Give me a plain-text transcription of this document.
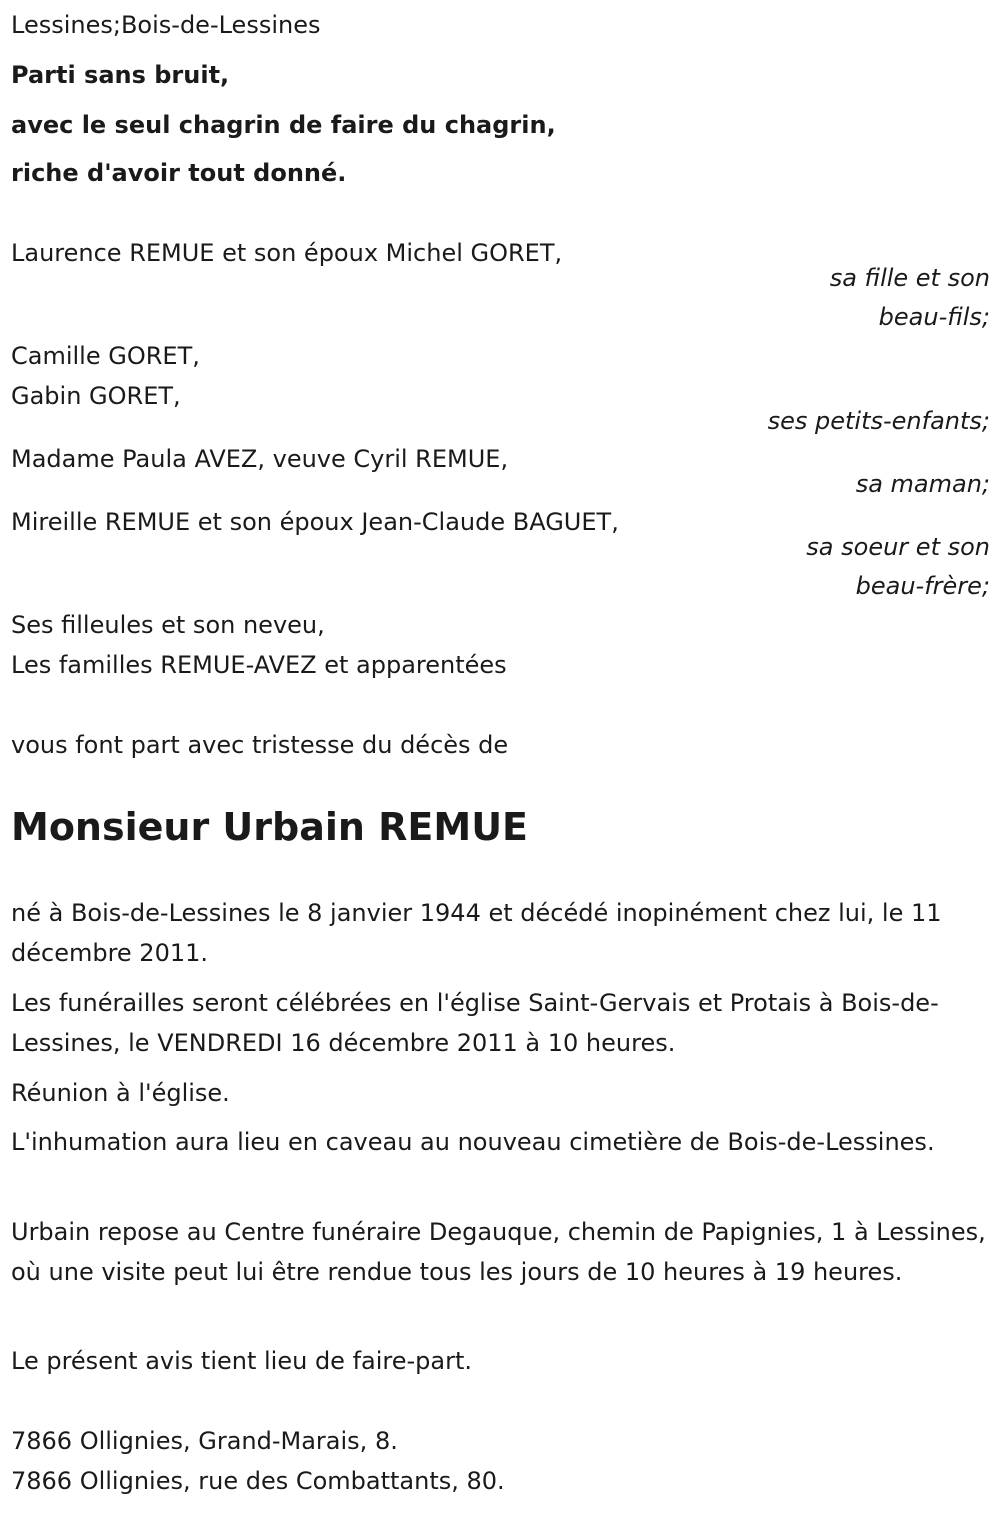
Lessines;Bois-de-Lessines
Parti sans bruit,
avec le seul chagrin de faire du chagrin,
riche d'avoir tout donné.
Laurence REMUE et son époux Michel GORET,
sa fille et son
beau-fils;
Camille GORET,
Gabin GORET,
ses petits-enfants;
Madame Paula AVEZ, veuve Cyril REMUE,
sa maman;
Mireille REMUE et son époux Jean-Claude BAGUET,
sa soeur et son
beau-frère;
Ses filleules et son neveu,
Les familles REMUE-AVEZ et apparentées
vous font part avec tristesse du décès de
Monsieur Urbain REMUE
né à Bois-de-Lessines le 8 janvier 1944 et décédé inopinément chez lui, le 11 décembre 2011.
Les funérailles seront célébrées en l'église Saint-Gervais et Protais à Bois-de-Lessines, le VENDREDI 16 décembre 2011 à 10 heures.
Réunion à l'église.
L'inhumation aura lieu en caveau au nouveau cimetière de Bois-de-Lessines.
Urbain repose au Centre funéraire Degauque, chemin de Papignies, 1 à Lessines, où une visite peut lui être rendue tous les jours de 10 heures à 19 heures.
Le présent avis tient lieu de faire-part.
7866 Ollignies, Grand-Marais, 8.
7866 Ollignies, rue des Combattants, 80.
